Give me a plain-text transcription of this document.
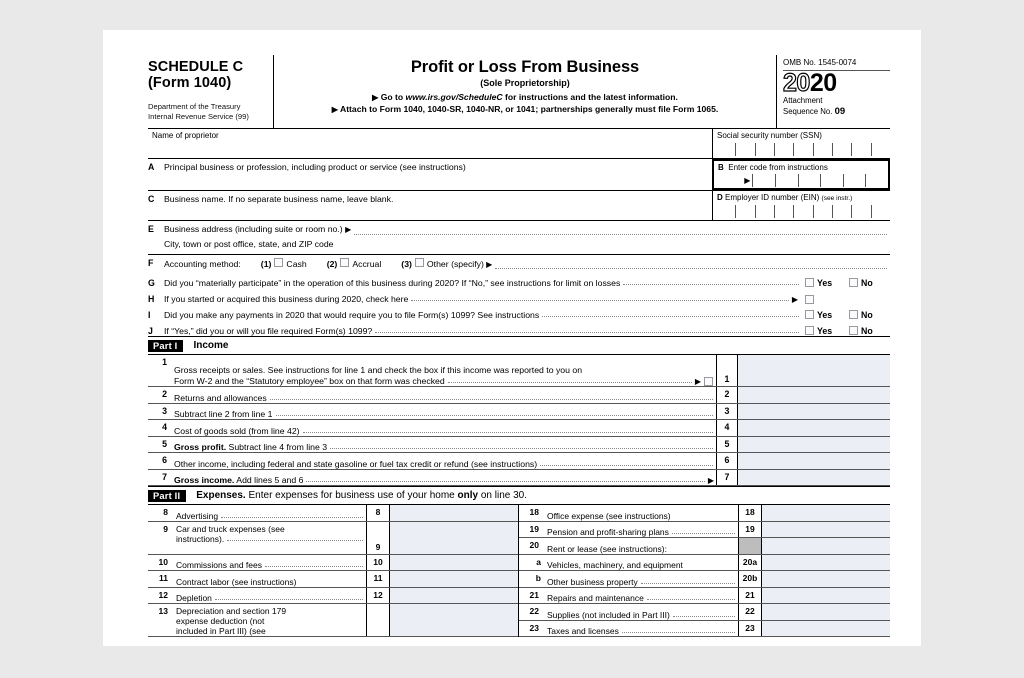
SCHEDULE C
(Form 1040)
Department of the Treasury
Internal Revenue Service (99)
Profit or Loss From Business
(Sole Proprietorship)
▶ Go to www.irs.gov/ScheduleC for instructions and the latest information.
▶ Attach to Form 1040, 1040-SR, 1040-NR, or 1041; partnerships generally must file Form 1065.
OMB No. 1545-0074
2020
Attachment
Sequence No. 09
Name of proprietor	Social security number (SSN)
A	Principal business or profession, including product or service (see instructions)	B Enter code from instructions
▶
C	Business name. If no separate business name, leave blank.	D Employer ID number (EIN) (see instr.)
E	Business address (including suite or room no.) ▶
City, town or post office, state, and ZIP code
F	Accounting method: (1) Cash (2) Accrual (3) Other (specify) ▶
G	Did you “materially participate” in the operation of this business during 2020? If “No,” see instructions for limit on losses	Yes	No
H	If you started or acquired this business during 2020, check here	▶
I	Did you make any payments in 2020 that would require you to file Form(s) 1099? See instructions	Yes	No
J	If “Yes,” did you or will you file required Form(s) 1099?	Yes	No
Part I	Income
1
Gross receipts or sales. See instructions for line 1 and check the box if this income was reported to you on
Form W-2 and the “Statutory employee” box on that form was checked	▶	1
2 Returns and allowances	2
3 Subtract line 2 from line 1	3
4 Cost of goods sold (from line 42)	4
5 Gross profit. Subtract line 4 from line 3	5
6 Other income, including federal and state gasoline or fuel tax credit or refund (see instructions)	6
7 Gross income. Add lines 5 and 6	▶	7
Part II	Expenses. Enter expenses for business use of your home only on line 30.
8 Advertising	8
9 Car and truck expenses (see
instructions).
9
10 Commissions and fees	10
11 Contract labor (see instructions)	11
12 Depletion	12
13 Depreciation and section 179
expense deduction (not
included in Part III) (see
18 Office expense (see instructions)	18
19 Pension and profit-sharing plans	19
20 Rent or lease (see instructions):
a Vehicles, machinery, and equipment	20a
b Other business property	20b
21 Repairs and maintenance	21
22 Supplies (not included in Part III)	22
23 Taxes and licenses	23
